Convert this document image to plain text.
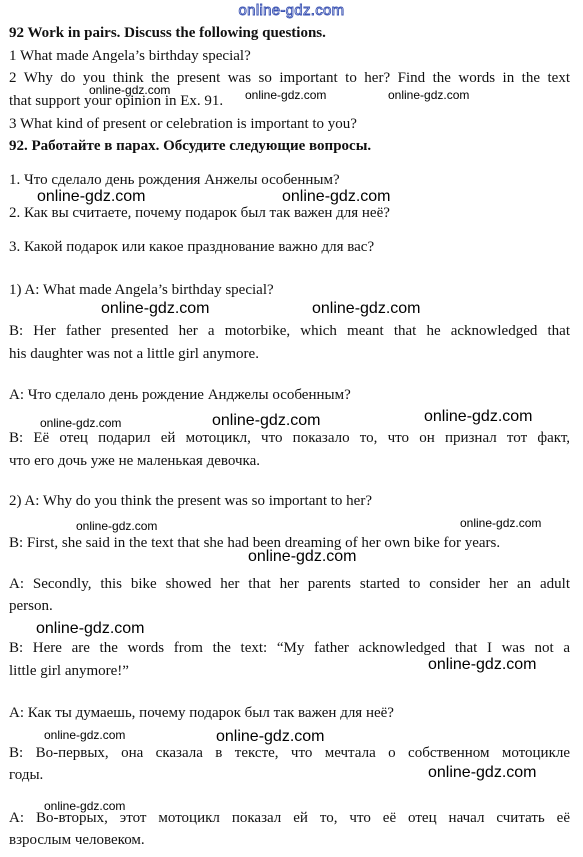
online-gdz.com
92 Work in pairs. Discuss the following questions.
1 What made Angela’s birthday special?
2 Why do you think the present was so important to her? Find the words in the text
that support your opinion in Ex. 91.
3 What kind of present or celebration is important to you?
92. Работайте в парах. Обсудите следующие вопросы.
1. Что сделало день рождения Анжелы особенным?
2. Как вы считаете, почему подарок был так важен для неё?
3. Какой подарок или какое празднование важно для вас?
1) A: What made Angela’s birthday special?
B: Her father presented her a motorbike, which meant that he acknowledged that
his daughter was not a little girl anymore.
A: Что сделало день рождение Анджелы особенным?
B: Её отец подарил ей мотоцикл, что показало то, что он признал тот факт,
что его дочь уже не маленькая девочка.
2) A: Why do you think the present was so important to her?
B: First, she said in the text that she had been dreaming of her own bike for years.
A: Secondly, this bike showed her that her parents started to consider her an adult
person.
B: Here are the words from the text: “My father acknowledged that I was not a
little girl anymore!”
A: Как ты думаешь, почему подарок был так важен для неё?
B: Во-первых, она сказала в тексте, что мечтала о собственном мотоцикле
годы.
A: Во-вторых, этот мотоцикл показал ей то, что её отец начал считать её
взрослым человеком.
online-gdz.com	online-gdz.com	online-gdz.com
online-gdz.com	online-gdz.com
online-gdz.com	online-gdz.com
online-gdz.com	online-gdz.com	online-gdz.com
online-gdz.com	online-gdz.com
online-gdz.com
online-gdz.com
online-gdz.com
online-gdz.com	online-gdz.com
online-gdz.com
online-gdz.com
